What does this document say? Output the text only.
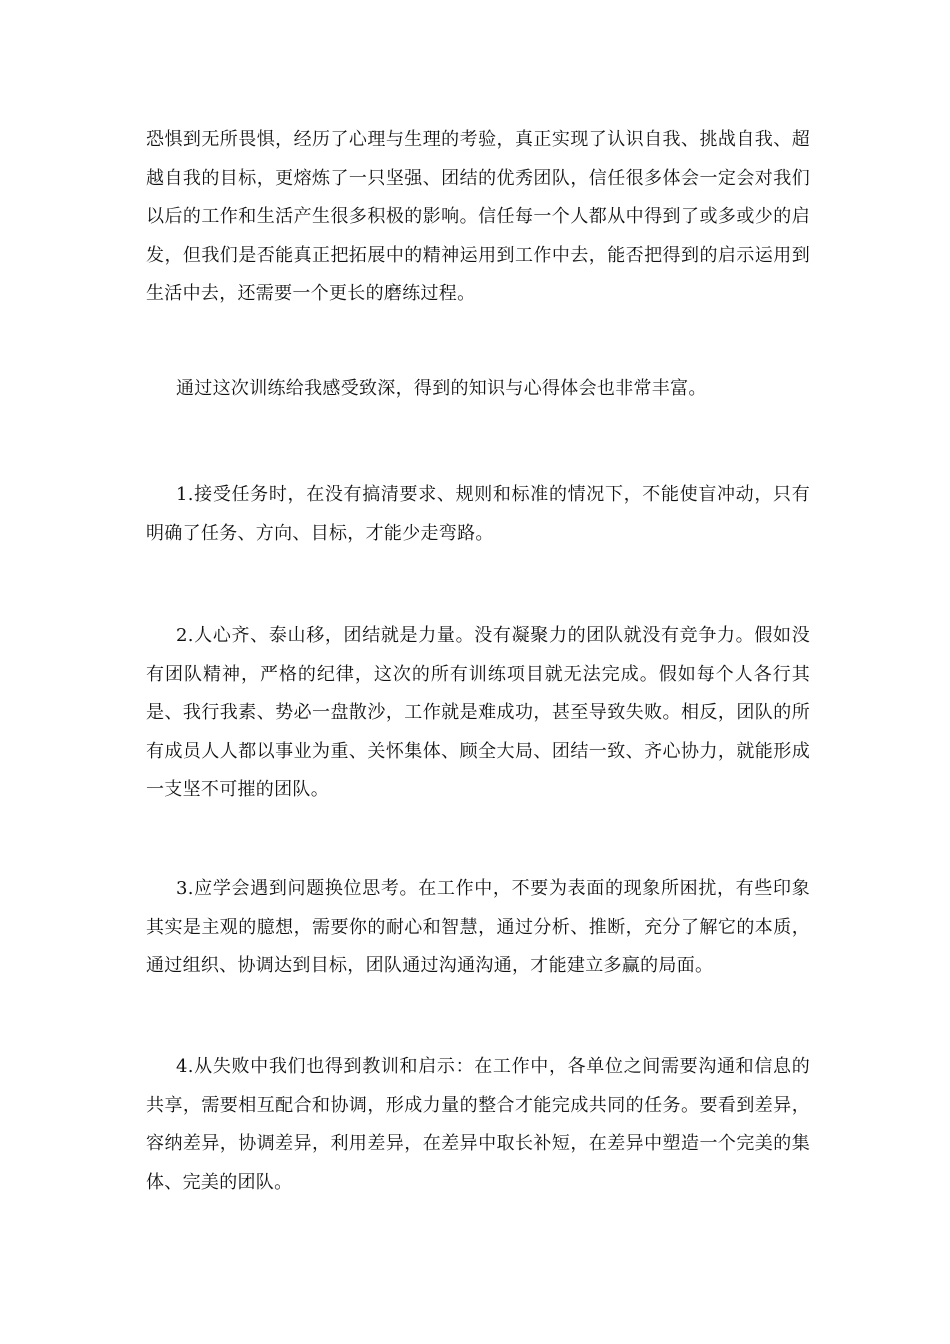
恐惧到无所畏惧，经历了心理与生理的考验，真正实现了认识自我、挑战自我、超越自我的目标，更熔炼了一只坚强、团结的优秀团队，信任很多体会一定会对我们以后的工作和生活产生很多积极的影响。信任每一个人都从中得到了或多或少的启发，但我们是否能真正把拓展中的精神运用到工作中去，能否把得到的启示运用到生活中去，还需要一个更长的磨练过程。

通过这次训练给我感受致深，得到的知识与心得体会也非常丰富。

1.接受任务时，在没有搞清要求、规则和标准的情况下，不能使盲冲动，只有明确了任务、方向、目标，才能少走弯路。

2.人心齐、泰山移，团结就是力量。没有凝聚力的团队就没有竞争力。假如没有团队精神，严格的纪律，这次的所有训练项目就无法完成。假如每个人各行其是、我行我素、势必一盘散沙，工作就是难成功，甚至导致失败。相反，团队的所有成员人人都以事业为重、关怀集体、顾全大局、团结一致、齐心协力，就能形成一支坚不可摧的团队。

3.应学会遇到问题换位思考。在工作中，不要为表面的现象所困扰，有些印象其实是主观的臆想，需要你的耐心和智慧，通过分析、推断，充分了解它的本质，通过组织、协调达到目标，团队通过沟通沟通，才能建立多赢的局面。

4.从失败中我们也得到教训和启示：在工作中，各单位之间需要沟通和信息的共享，需要相互配合和协调，形成力量的整合才能完成共同的任务。要看到差异，容纳差异，协调差异，利用差异，在差异中取长补短，在差异中塑造一个完美的集体、完美的团队。
